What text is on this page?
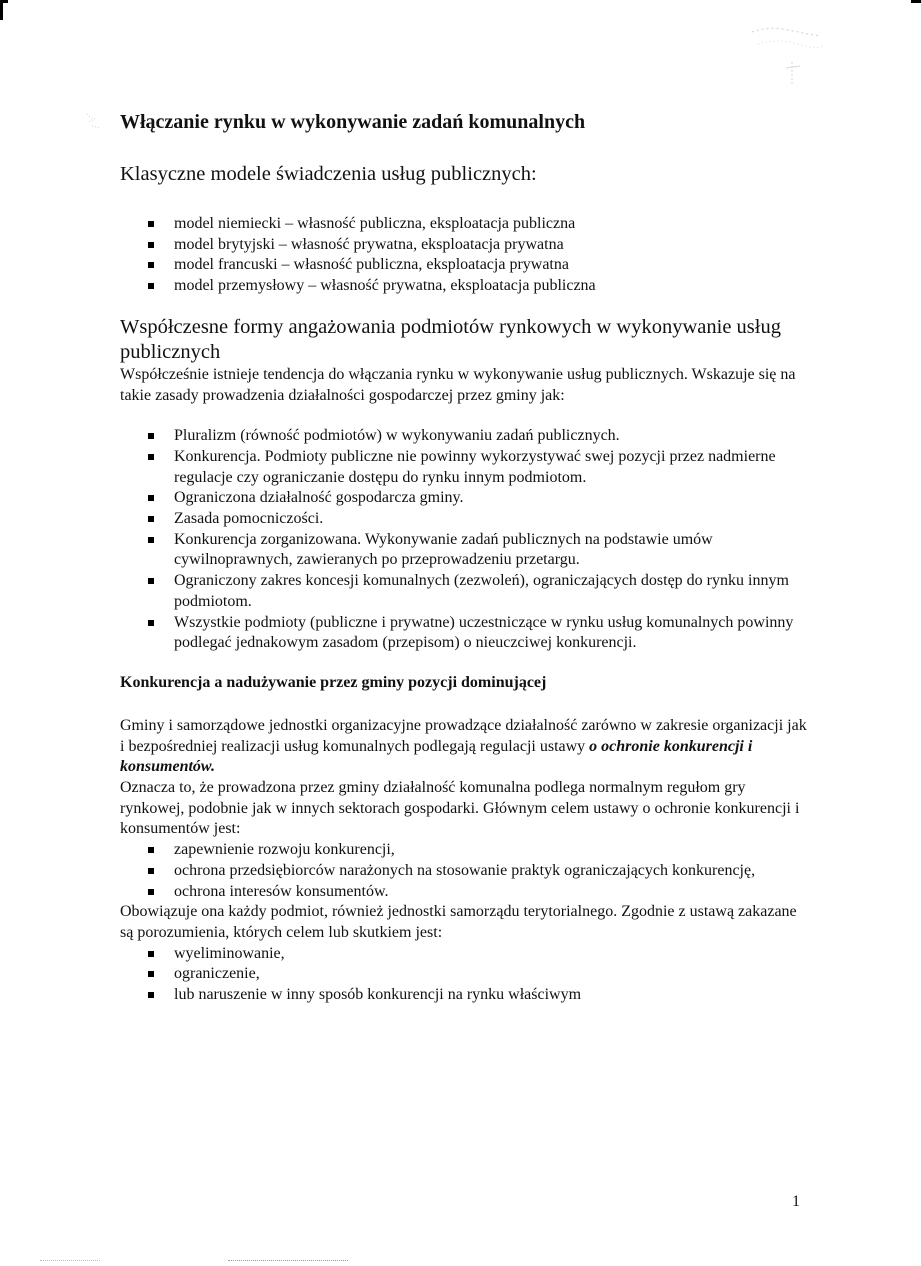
Włączanie rynku w wykonywanie zadań komunalnych
Klasyczne modele świadczenia usług publicznych:
model niemiecki – własność publiczna, eksploatacja publiczna
model brytyjski – własność prywatna, eksploatacja prywatna
model francuski – własność publiczna, eksploatacja prywatna
model przemysłowy – własność prywatna, eksploatacja publiczna
Współczesne formy angażowania podmiotów rynkowych w wykonywanie usług publicznych

Współcześnie istnieje tendencja do włączania rynku w wykonywanie usług publicznych. Wskazuje się na takie zasady prowadzenia działalności gospodarczej przez gminy jak:

Pluralizm (równość podmiotów) w wykonywaniu zadań publicznych.
Konkurencja. Podmioty publiczne nie powinny wykorzystywać swej pozycji przez nadmierne regulacje czy ograniczanie dostępu do rynku innym podmiotom.
Ograniczona działalność gospodarcza gminy.
Zasada pomocniczości.
Konkurencja zorganizowana. Wykonywanie zadań publicznych na podstawie umów cywilnoprawnych, zawieranych po przeprowadzeniu przetargu.
Ograniczony zakres koncesji komunalnych (zezwoleń), ograniczających dostęp do rynku innym podmiotom.
Wszystkie podmioty (publiczne i prywatne) uczestniczące w rynku usług komunalnych powinny podlegać jednakowym zasadom (przepisom) o nieuczciwej konkurencji.
Konkurencja a nadużywanie przez gminy pozycji dominującej

Gminy i samorządowe jednostki organizacyjne prowadzące działalność zarówno w zakresie organizacji jak i bezpośredniej realizacji usług komunalnych podlegają regulacji ustawy o ochronie konkurencji i konsumentów.

Oznacza to, że prowadzona przez gminy działalność komunalna podlega normalnym regułom gry rynkowej, podobnie jak w innych sektorach gospodarki. Głównym celem ustawy o ochronie konkurencji i konsumentów jest:

zapewnienie rozwoju konkurencji,
ochrona przedsiębiorców narażonych na stosowanie praktyk ograniczających konkurencję,
ochrona interesów konsumentów.

Obowiązuje ona każdy podmiot, również jednostki samorządu terytorialnego. Zgodnie z ustawą zakazane są porozumienia, których celem lub skutkiem jest:

wyeliminowanie,
ograniczenie,
lub naruszenie w inny sposób konkurencji na rynku właściwym
1
